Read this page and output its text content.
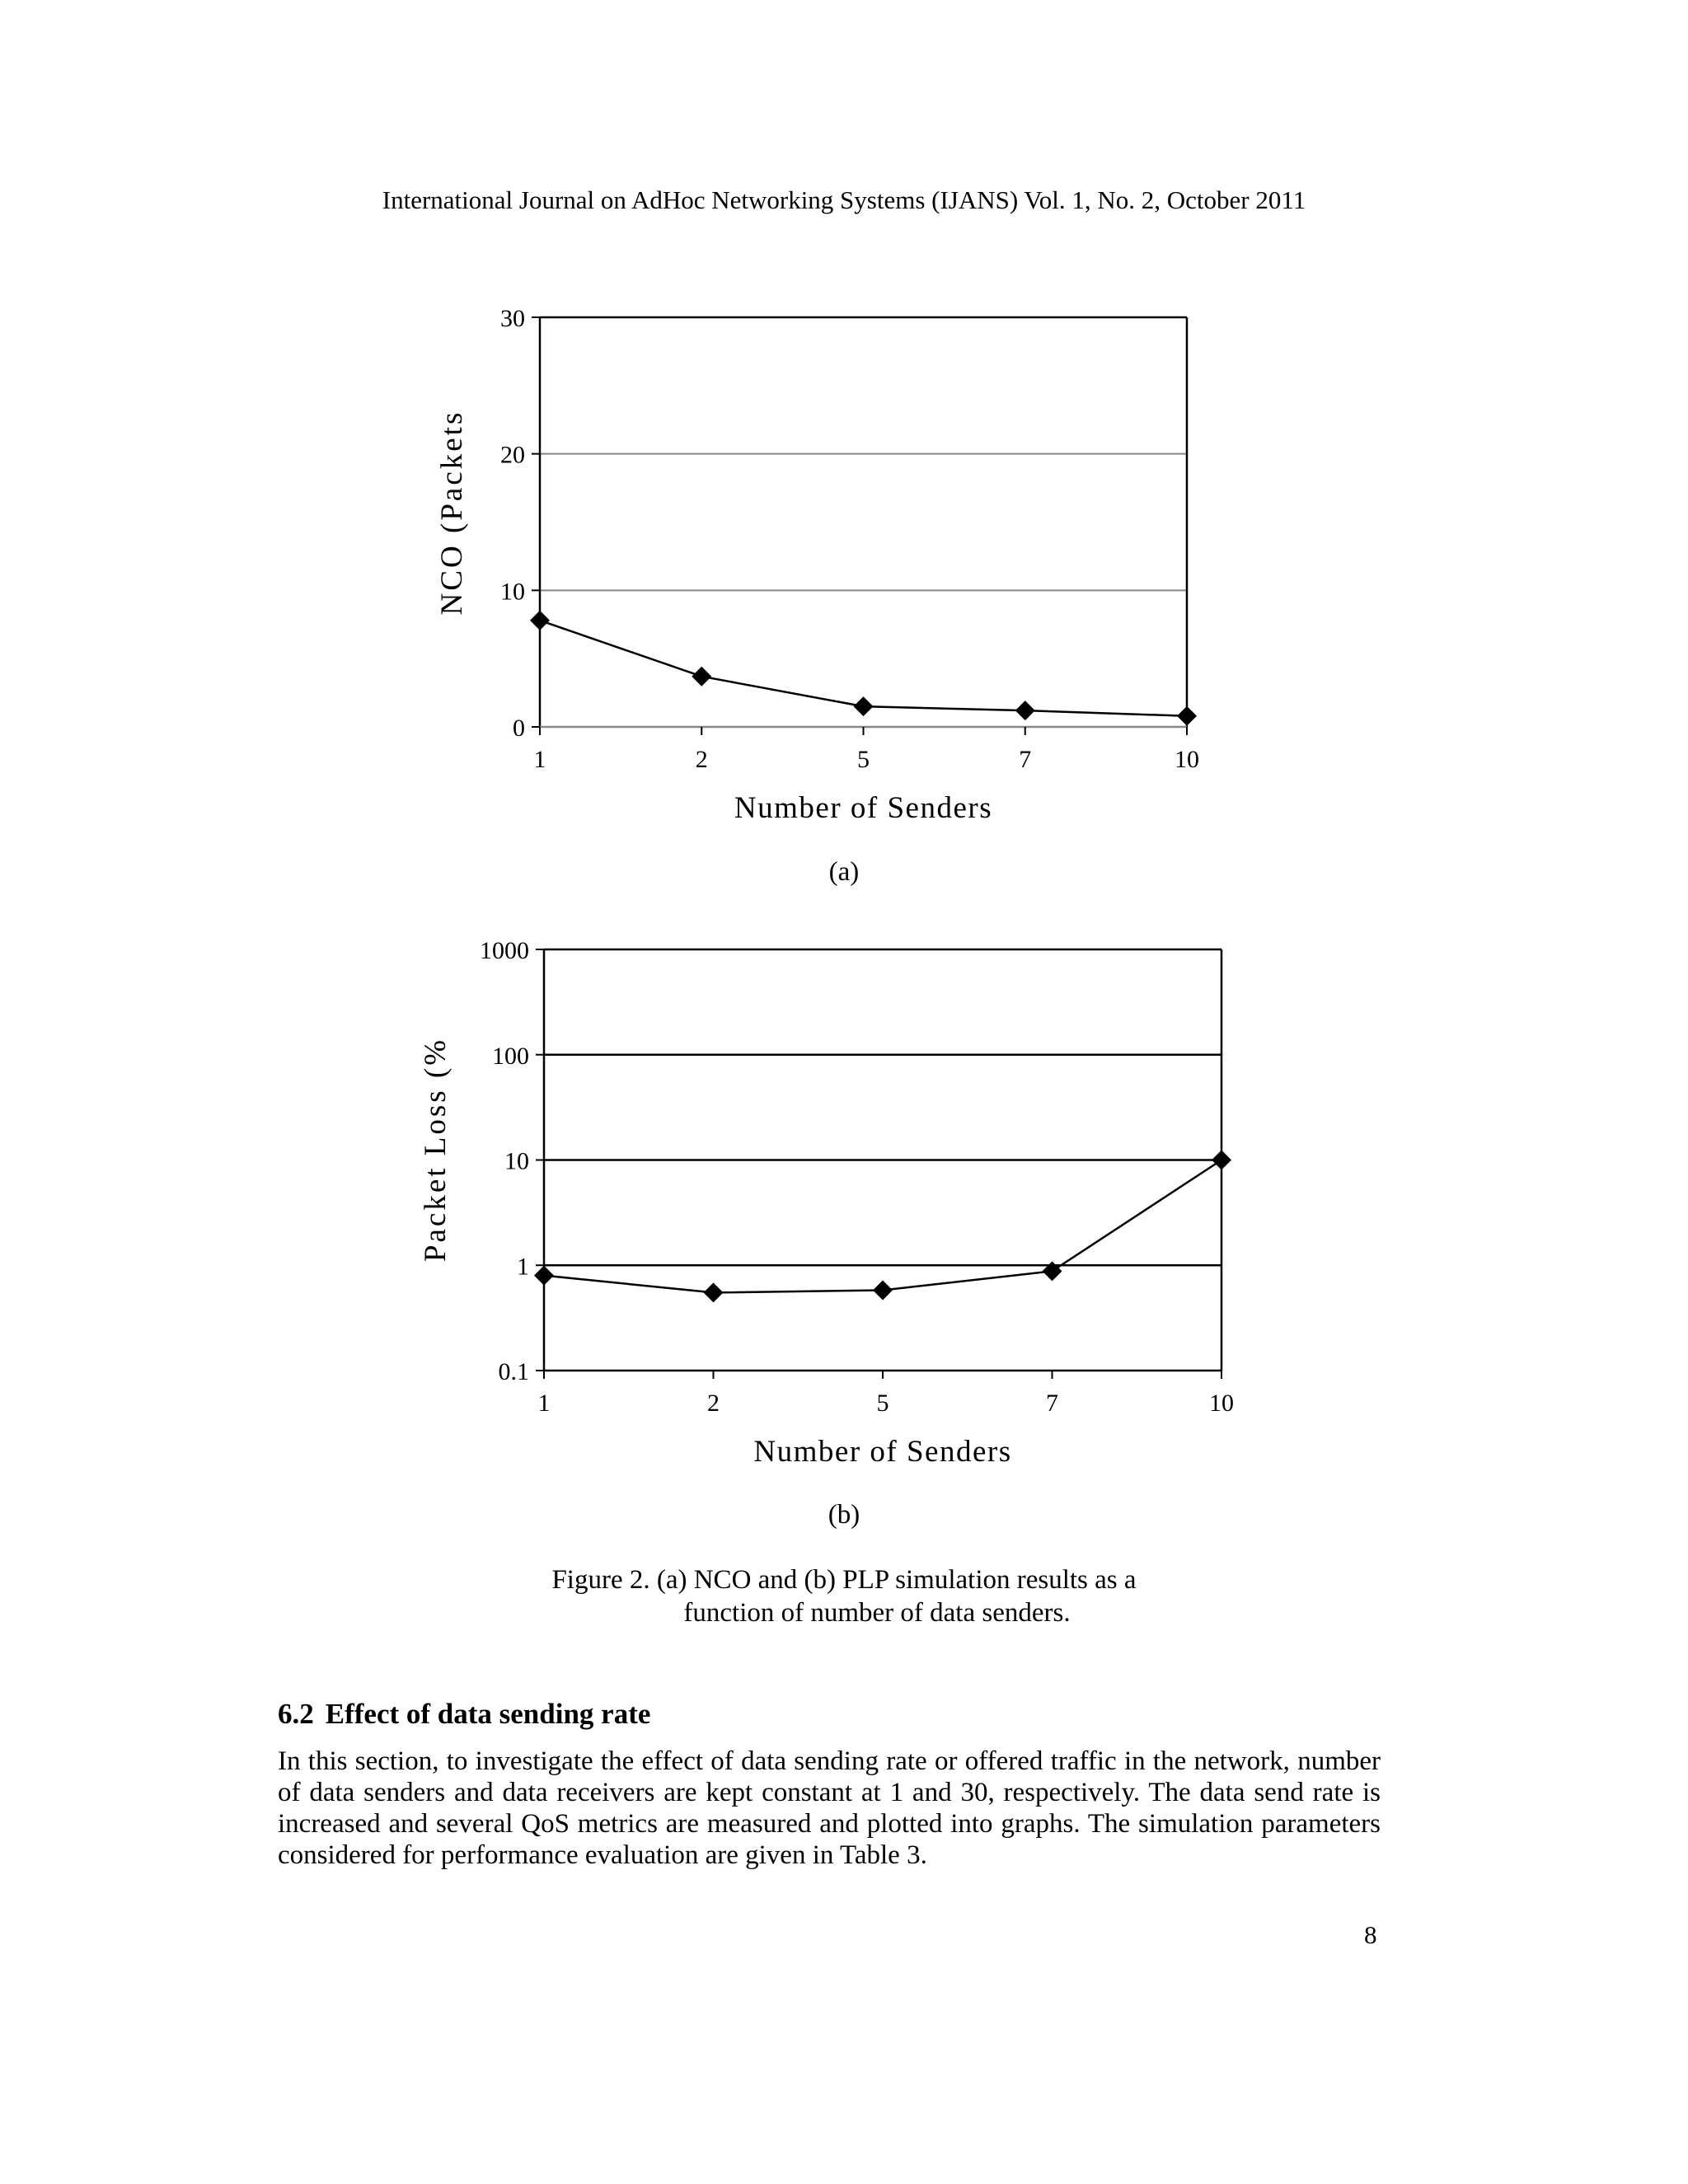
International Journal on AdHoc Networking Systems (IJANS) Vol. 1, No. 2, October 2011
0
10
20
30
1	2	5	7	10
Number of Senders
NCO (Packets
(a)
0.1
1
10
100
1000
1	2	5	7	10
Number of Senders
Packet Loss (%
(b)
Figure 2. (a) NCO and (b) PLP simulation results as a
function of number of data senders.
6.2 Effect of data sending rate
In this section, to investigate the effect of data sending rate or offered traffic in the network, number of data senders and data receivers are kept constant at 1 and 30, respectively. The data send rate is increased and several QoS metrics are measured and plotted into graphs. The simulation parameters considered for performance evaluation are given in Table 3.
8
